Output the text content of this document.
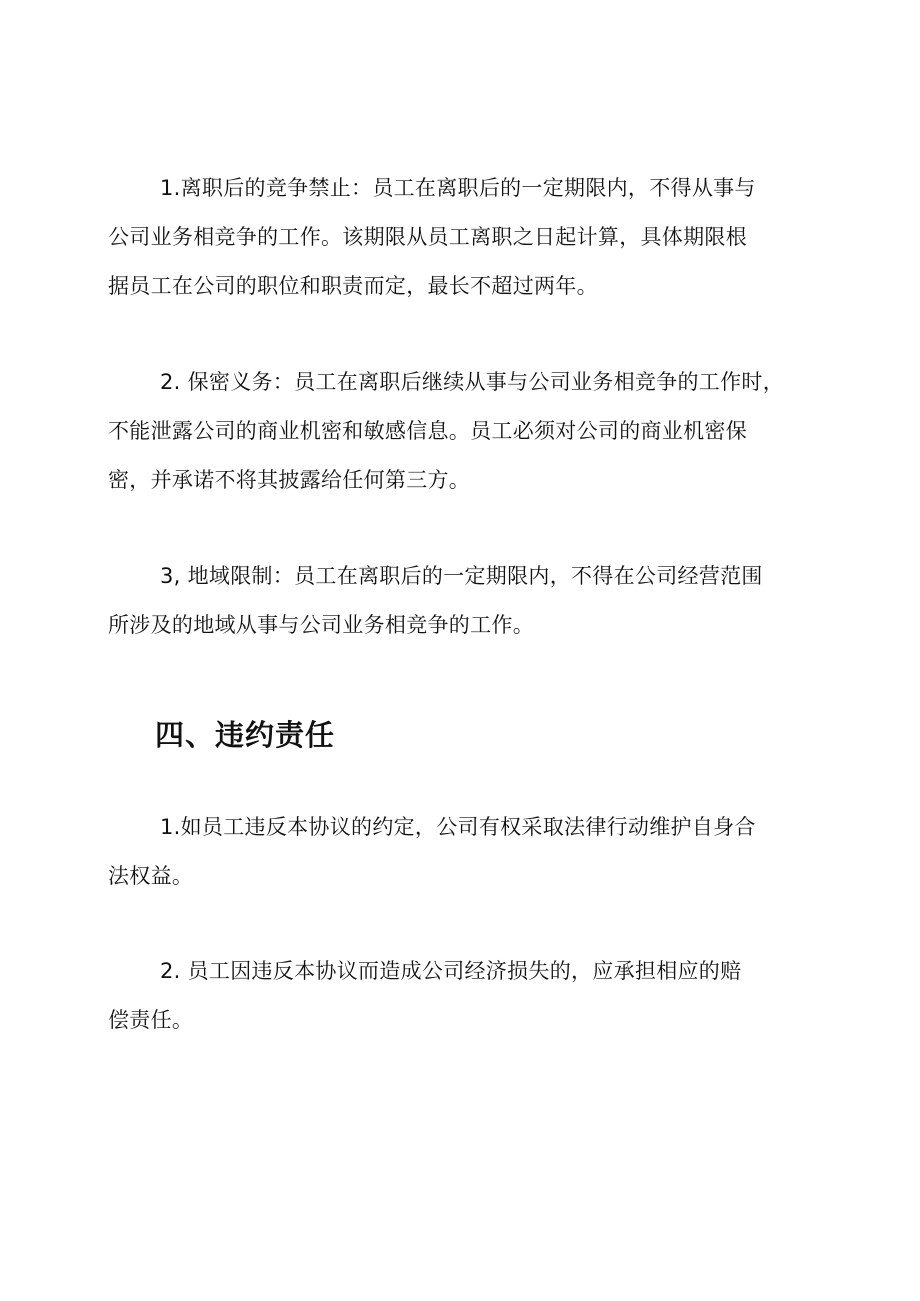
1.离职后的竞争禁止：员工在离职后的一定期限内，不得从事与
公司业务相竞争的工作。该期限从员工离职之日起计算，具体期限根
据员工在公司的职位和职责而定，最长不超过两年。

2. 保密义务：员工在离职后继续从事与公司业务相竞争的工作时，
不能泄露公司的商业机密和敏感信息。员工必须对公司的商业机密保
密，并承诺不将其披露给任何第三方。

3, 地域限制：员工在离职后的一定期限内，不得在公司经营范围
所涉及的地域从事与公司业务相竞争的工作。

四、违约责任

1.如员工违反本协议的约定，公司有权采取法律行动维护自身合
法权益。

2. 员工因违反本协议而造成公司经济损失的，应承担相应的赔
偿责任。
